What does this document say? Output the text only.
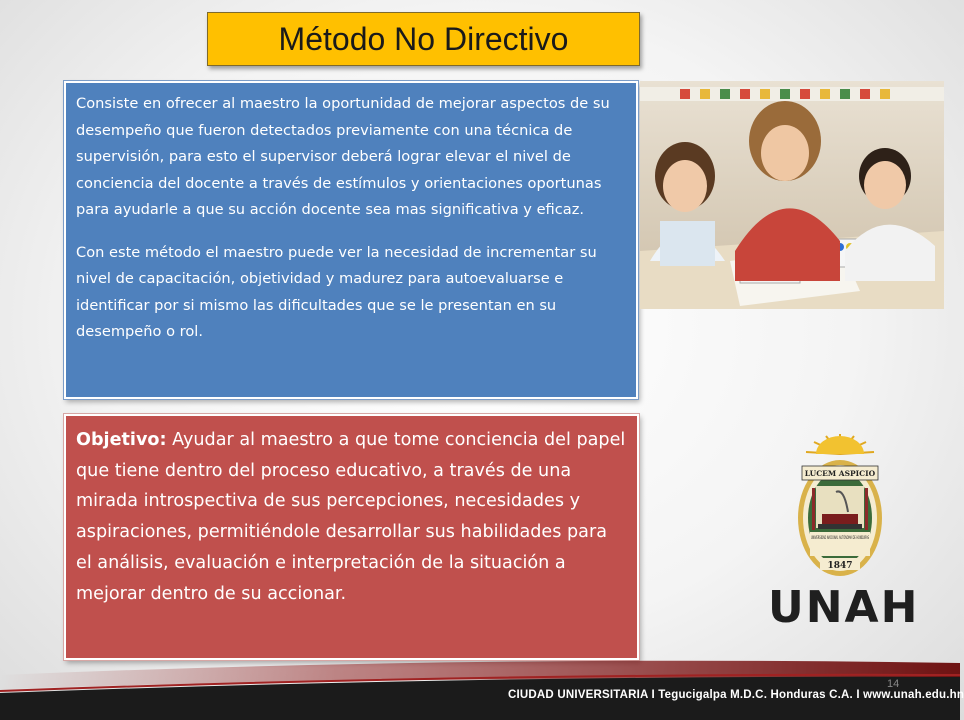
Método No Directivo

Consiste en ofrecer al maestro la oportunidad de mejorar aspectos de su desempeño que fueron detectados previamente con una técnica de supervisión, para esto el supervisor deberá lograr elevar el nivel de conciencia del docente a través de estímulos y orientaciones oportunas para ayudarle a que su acción docente sea mas significativa y eficaz.

Con este método el maestro puede ver la necesidad de incrementar su nivel de capacitación, objetividad y madurez para autoevaluarse e identificar por si mismo las dificultades que se le presentan en su desempeño o rol.

Objetivo: Ayudar al maestro a que tome conciencia del papel que tiene dentro del proceso educativo, a través de una mirada introspectiva de sus percepciones, necesidades y aspiraciones, permitiéndole desarrollar sus habilidades para el análisis, evaluación e interpretación de la situación a mejorar dentro de su accionar.
LUCEM ASPICIO
UNIVERSIDAD NACIONAL AUTÓNOMA DE HONDURAS
1847
UNAH
14
CIUDAD UNIVERSITARIA I Tegucigalpa M.D.C. Honduras C.A. I www.unah.edu.hn
